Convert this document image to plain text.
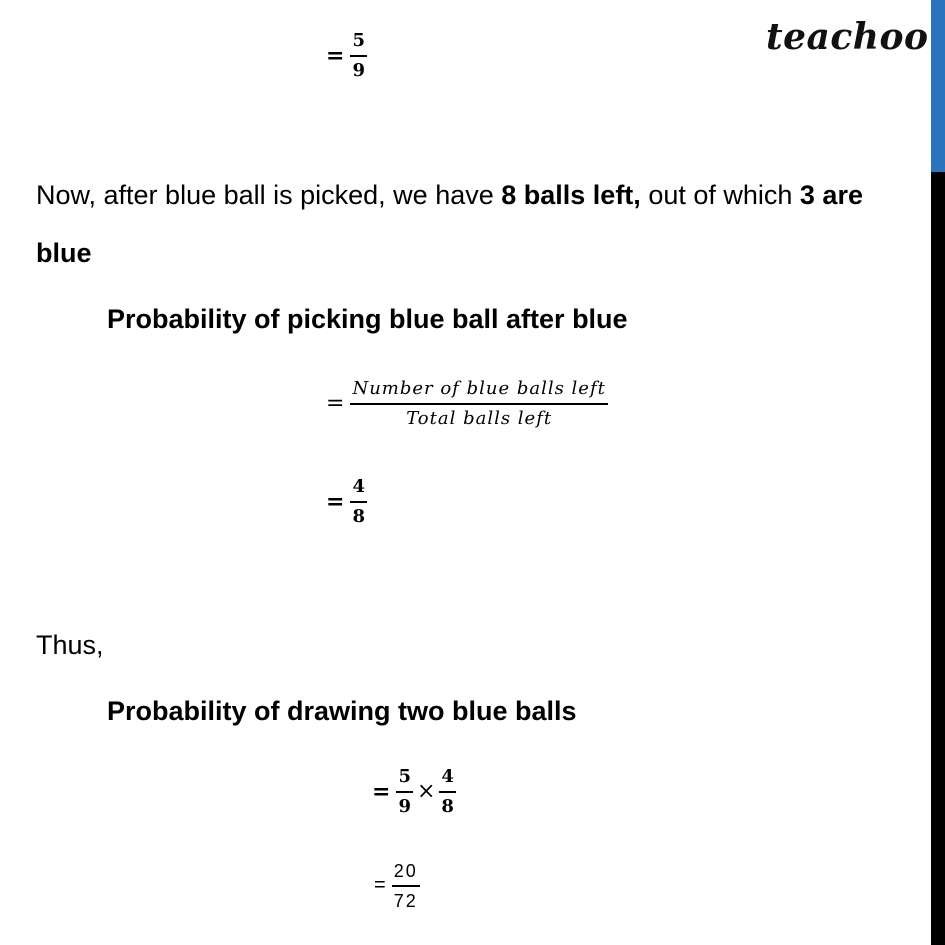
teachoo
= $\frac{5}{9}$
Now, after blue ball is picked, we have 8 balls left, out of which 3 are
blue
Probability of picking blue ball after blue
= $\frac{\text{Number of blue balls left}}{\text{Total balls left}}$
= $\frac{4}{8}$
Thus,
Probability of drawing two blue balls
= $\frac{5}{9} \times \frac{4}{8}$
= $\frac{20}{72}$
